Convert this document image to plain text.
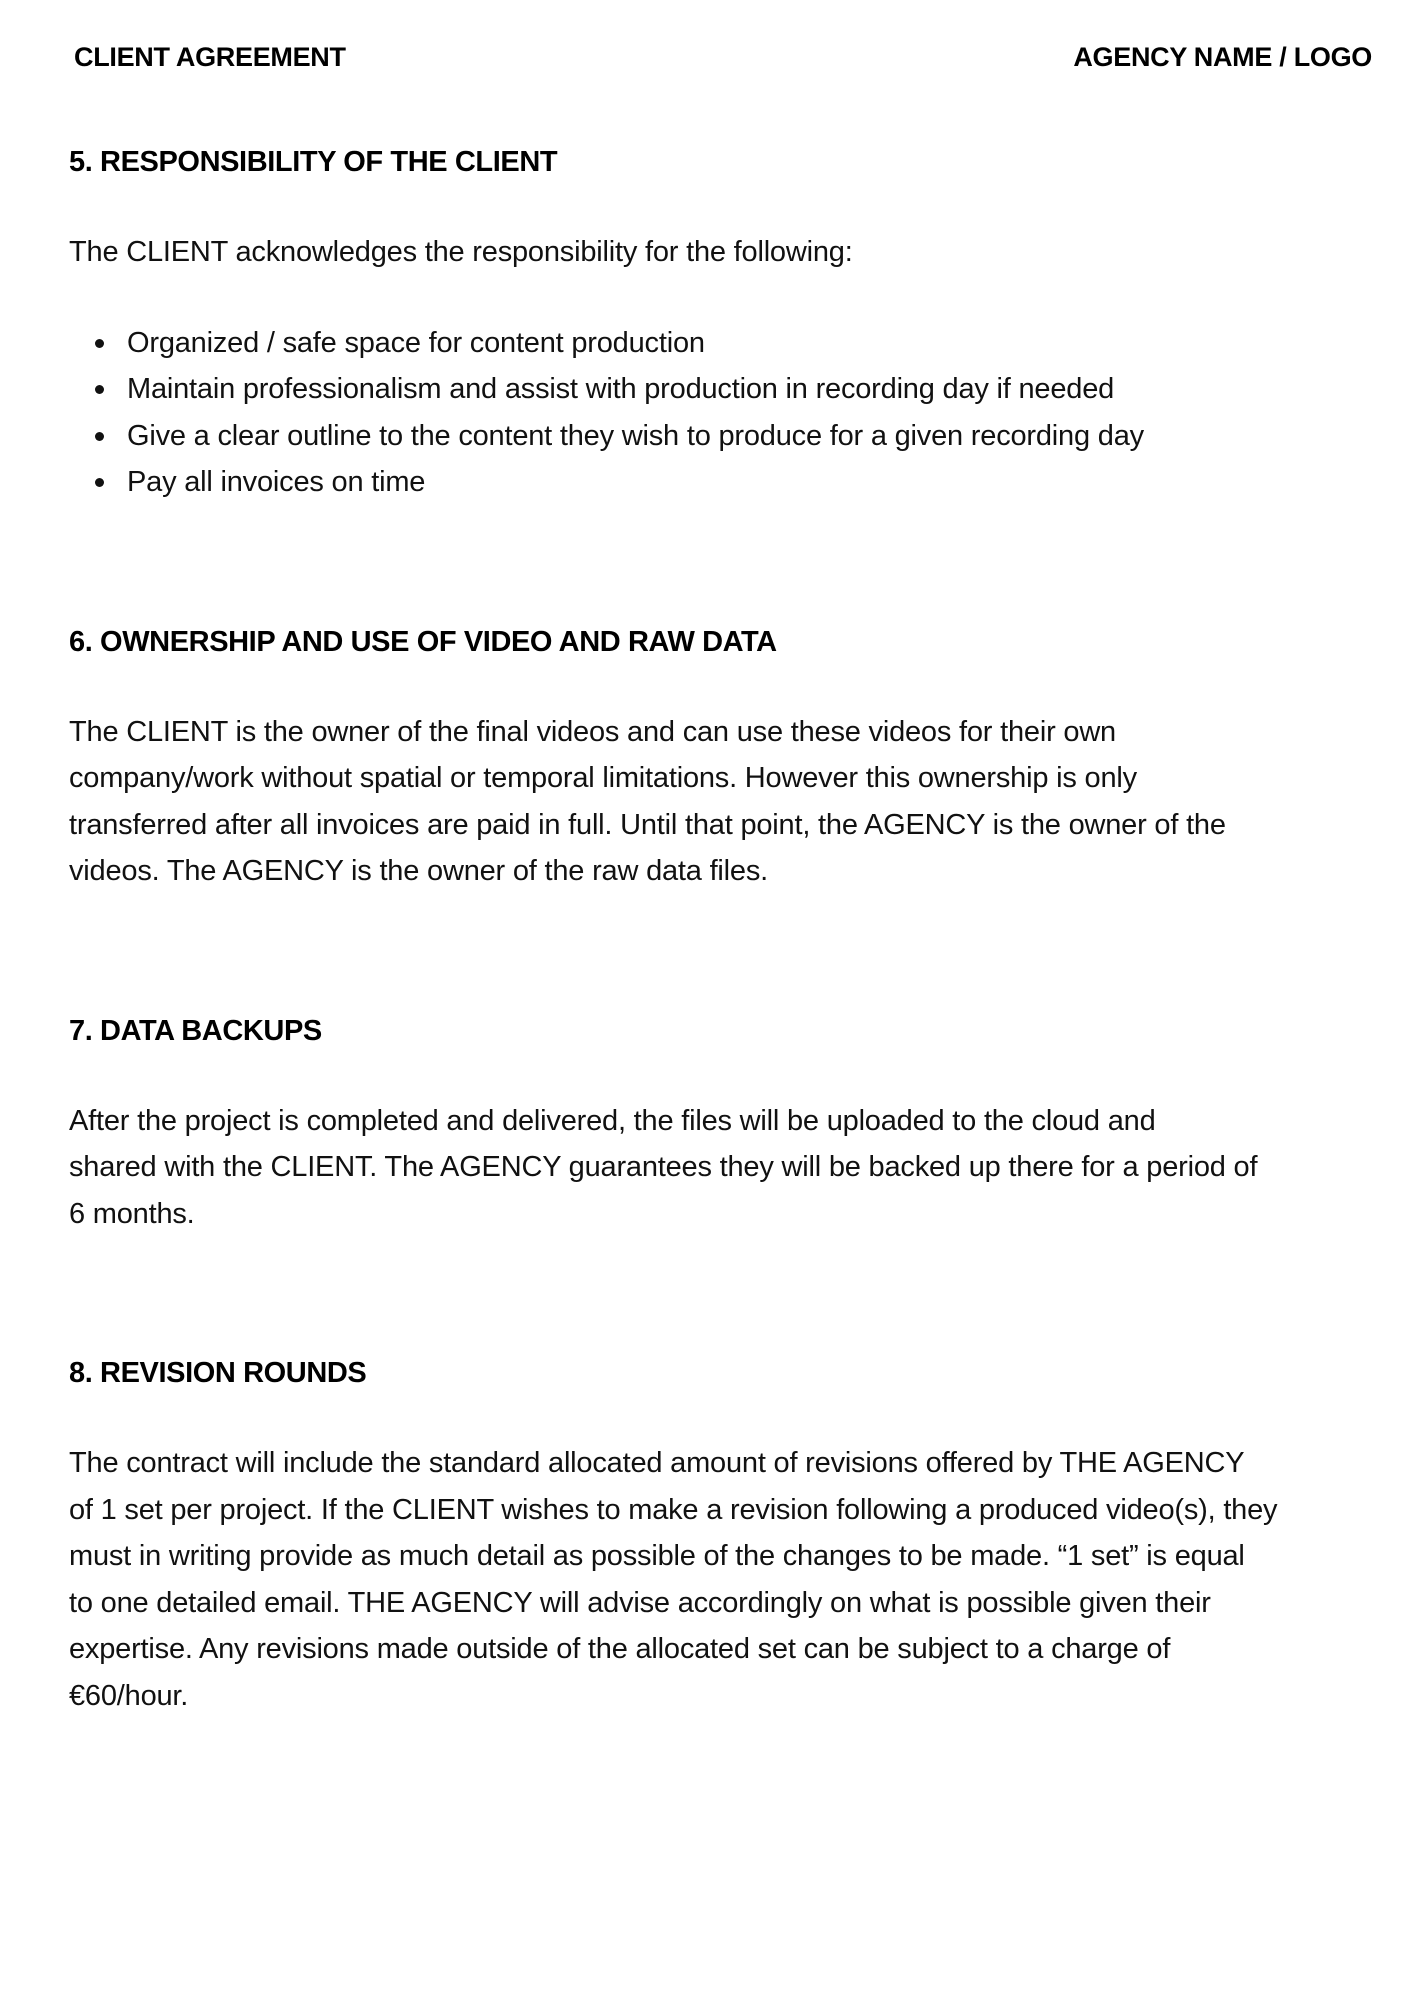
CLIENT AGREEMENT	AGENCY NAME / LOGO
5. RESPONSIBILITY OF THE CLIENT

The CLIENT acknowledges the responsibility for the following:

Organized / safe space for content production
Maintain professionalism and assist with production in recording day if needed
Give a clear outline to the content they wish to produce for a given recording day
Pay all invoices on time
6. OWNERSHIP AND USE OF VIDEO AND RAW DATA

The CLIENT is the owner of the final videos and can use these videos for their own

company/work without spatial or temporal limitations. However this ownership is only

transferred after all invoices are paid in full. Until that point, the AGENCY is the owner of the

videos. The AGENCY is the owner of the raw data files.

7. DATA BACKUPS

After the project is completed and delivered, the files will be uploaded to the cloud and

shared with the CLIENT. The AGENCY guarantees they will be backed up there for a period of

6 months.

8. REVISION ROUNDS

The contract will include the standard allocated amount of revisions offered by THE AGENCY

of 1 set per project. If the CLIENT wishes to make a revision following a produced video(s), they

must in writing provide as much detail as possible of the changes to be made. “1 set” is equal

to one detailed email. THE AGENCY will advise accordingly on what is possible given their

expertise. Any revisions made outside of the allocated set can be subject to a charge of

€60/hour.
